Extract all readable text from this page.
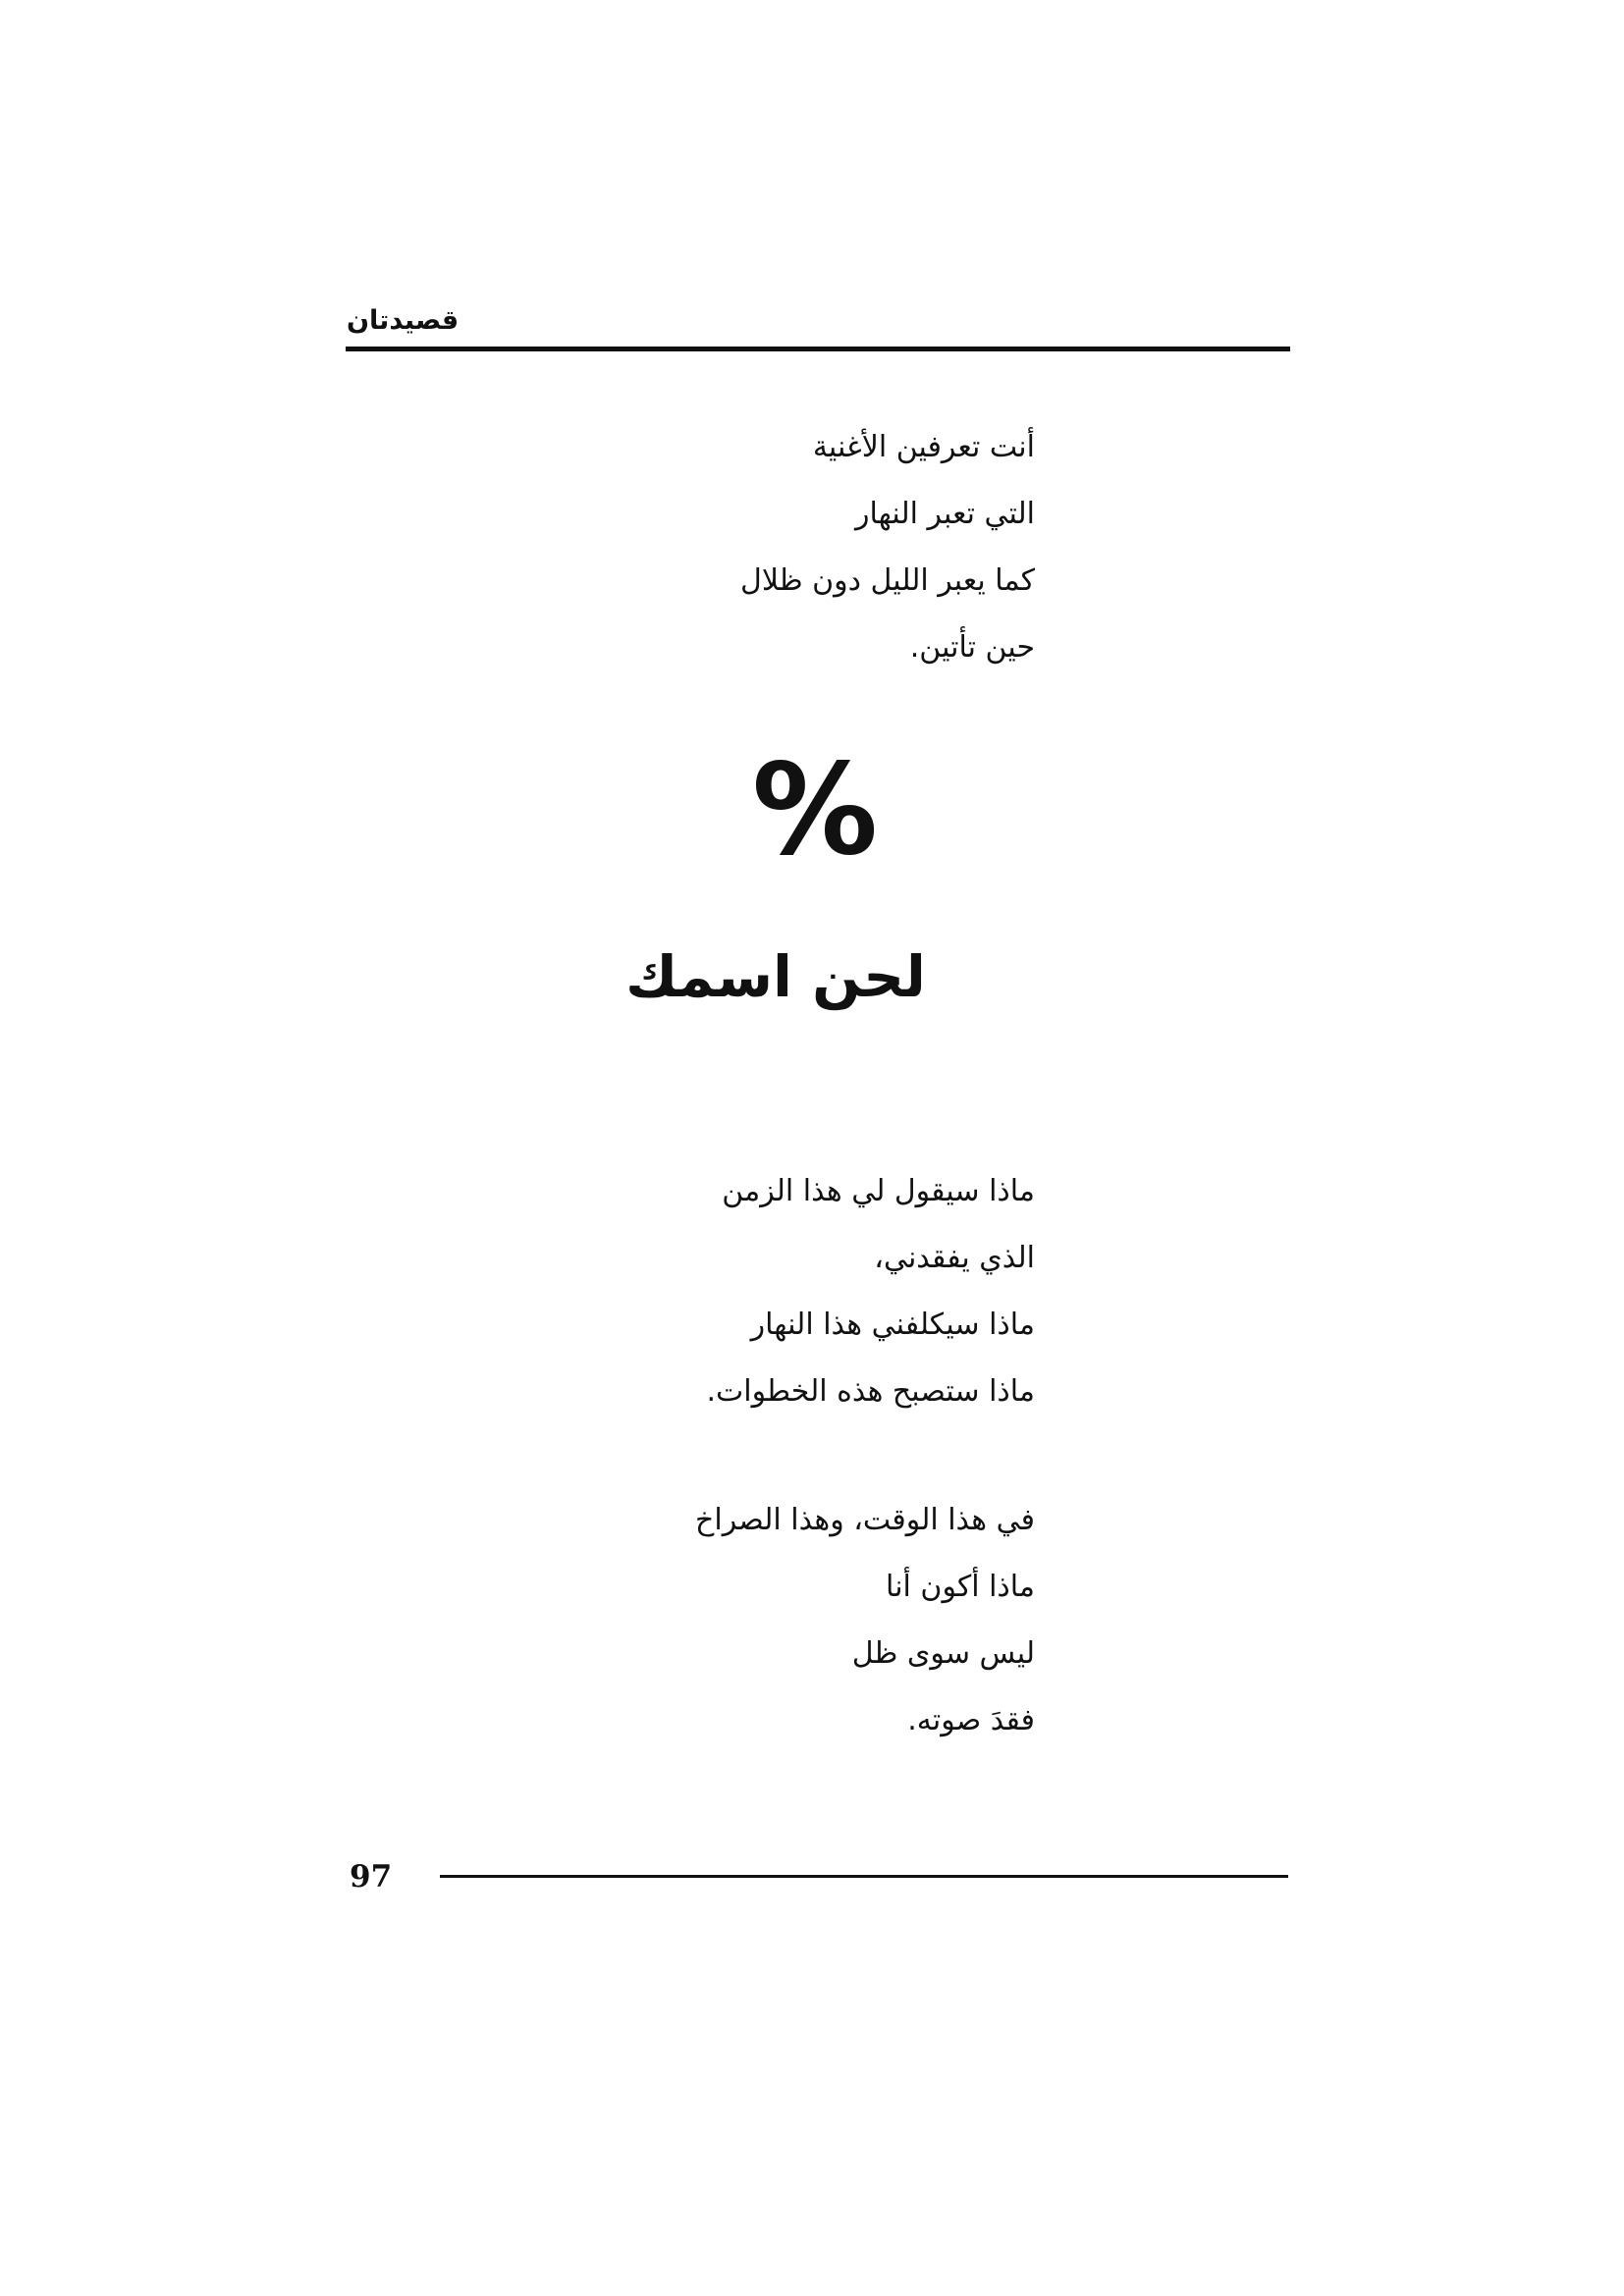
قصيدتان
أنت تعرفين الأغنية
التي تعبر النهار
كما يعبر الليل دون ظلال
حين تأتين.
%
لحن اسمك
ماذا سيقول لي هذا الزمن
الذي يفقدني،
ماذا سيكلفني هذا النهار
ماذا ستصبح هذه الخطوات.
في هذا الوقت، وهذا الصراخ
ماذا أكون أنا
ليس سوى ظل
فقدَ صوته.
97
